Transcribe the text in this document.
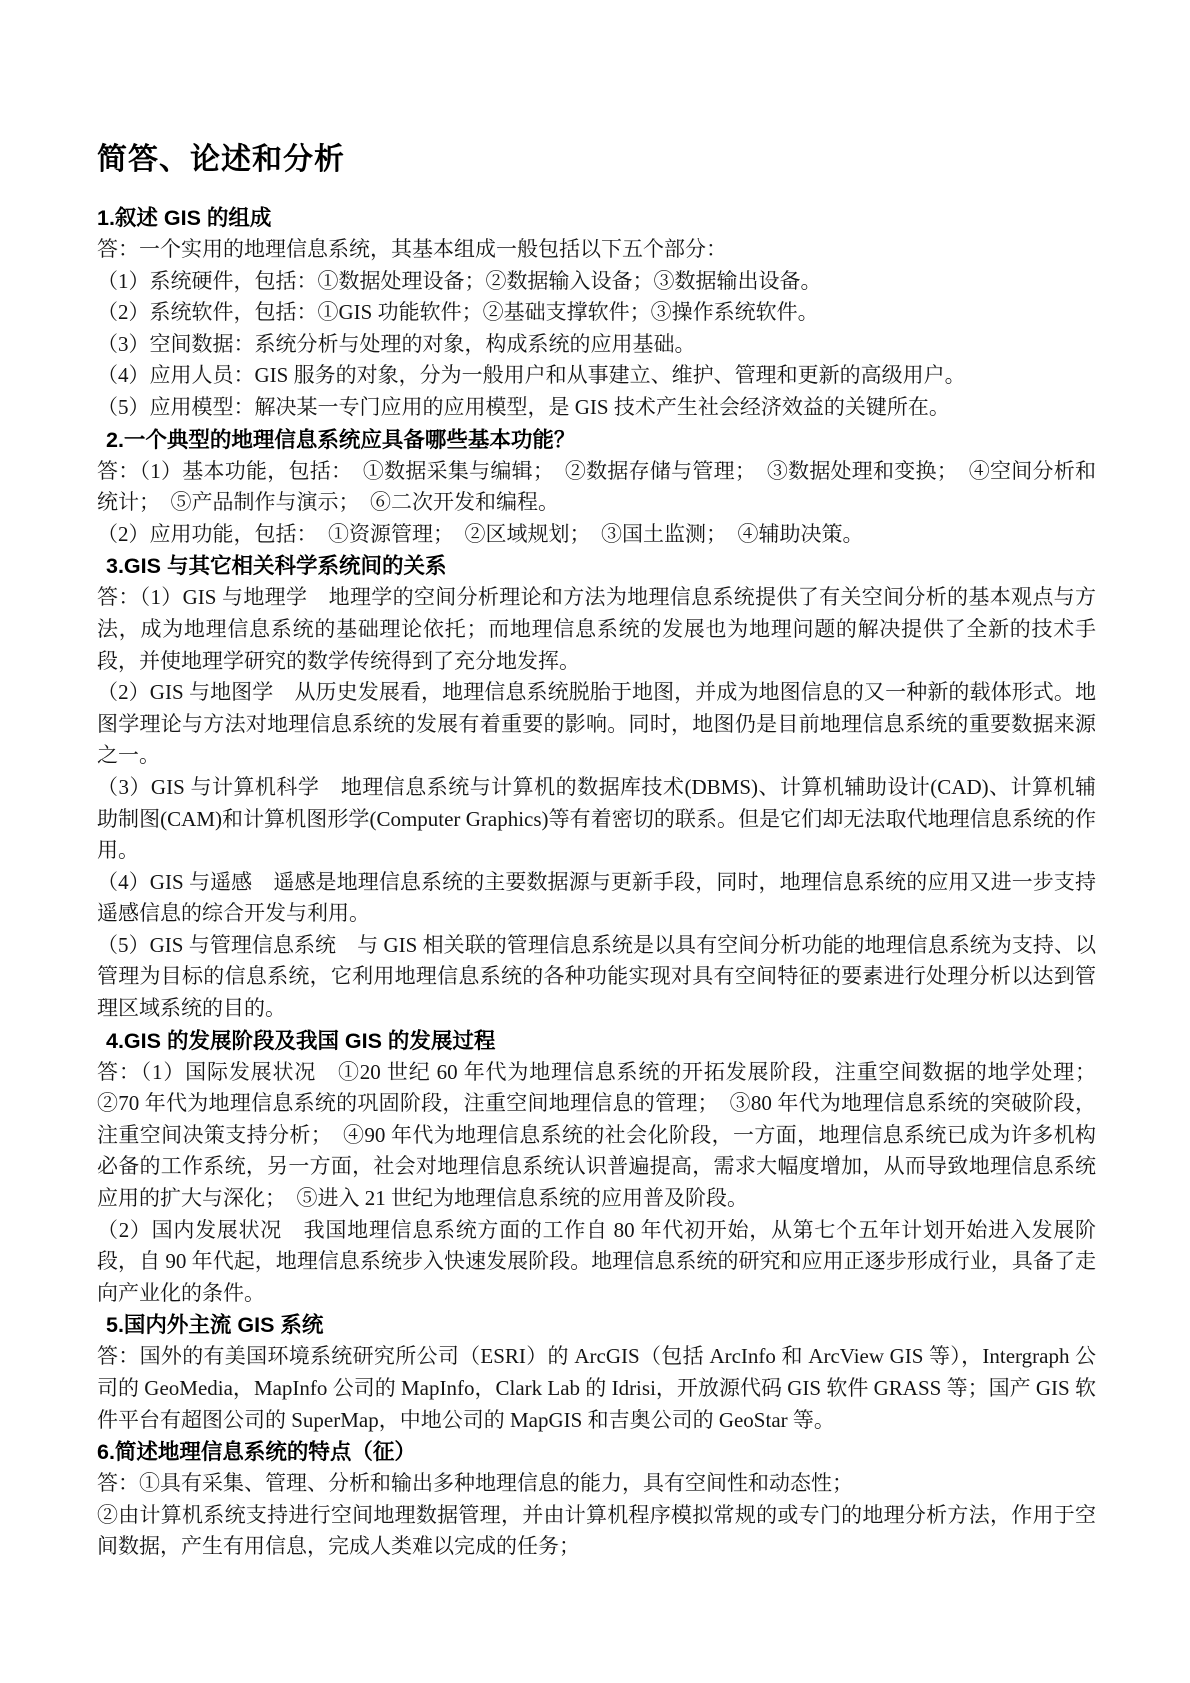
简答、论述和分析

1.叙述 GIS 的组成

答：一个实用的地理信息系统，其基本组成一般包括以下五个部分：

（1）系统硬件，包括：①数据处理设备；②数据输入设备；③数据输出设备。

（2）系统软件，包括：①GIS 功能软件；②基础支撑软件；③操作系统软件。

（3）空间数据：系统分析与处理的对象，构成系统的应用基础。

（4）应用人员：GIS 服务的对象，分为一般用户和从事建立、维护、管理和更新的高级用户。

（5）应用模型：解决某一专门应用的应用模型，是 GIS 技术产生社会经济效益的关键所在。

2.一个典型的地理信息系统应具备哪些基本功能？

答：（1）基本功能，包括：　①数据采集与编辑；　②数据存储与管理；　③数据处理和变换；　④空间分析和统计；　⑤产品制作与演示；　⑥二次开发和编程。

（2）应用功能，包括：　①资源管理；　②区域规划；　③国土监测；　④辅助决策。

3.GIS 与其它相关科学系统间的关系

答：（1）GIS 与地理学　地理学的空间分析理论和方法为地理信息系统提供了有关空间分析的基本观点与方法，成为地理信息系统的基础理论依托；而地理信息系统的发展也为地理问题的解决提供了全新的技术手段，并使地理学研究的数学传统得到了充分地发挥。

（2）GIS 与地图学　从历史发展看，地理信息系统脱胎于地图，并成为地图信息的又一种新的载体形式。地图学理论与方法对地理信息系统的发展有着重要的影响。同时，地图仍是目前地理信息系统的重要数据来源之一。

（3）GIS 与计算机科学　地理信息系统与计算机的数据库技术(DBMS)、计算机辅助设计(CAD)、计算机辅助制图(CAM)和计算机图形学(Computer Graphics)等有着密切的联系。但是它们却无法取代地理信息系统的作用。

（4）GIS 与遥感　遥感是地理信息系统的主要数据源与更新手段，同时，地理信息系统的应用又进一步支持遥感信息的综合开发与利用。

（5）GIS 与管理信息系统　与 GIS 相关联的管理信息系统是以具有空间分析功能的地理信息系统为支持、以管理为目标的信息系统，它利用地理信息系统的各种功能实现对具有空间特征的要素进行处理分析以达到管理区域系统的目的。

4.GIS 的发展阶段及我国 GIS 的发展过程

答：（1）国际发展状况　①20 世纪 60 年代为地理信息系统的开拓发展阶段，注重空间数据的地学处理；②70 年代为地理信息系统的巩固阶段，注重空间地理信息的管理；　③80 年代为地理信息系统的突破阶段，注重空间决策支持分析；　④90 年代为地理信息系统的社会化阶段，一方面，地理信息系统已成为许多机构必备的工作系统，另一方面，社会对地理信息系统认识普遍提高，需求大幅度增加，从而导致地理信息系统应用的扩大与深化；　⑤进入 21 世纪为地理信息系统的应用普及阶段。

（2）国内发展状况　我国地理信息系统方面的工作自 80 年代初开始，从第七个五年计划开始进入发展阶段，自 90 年代起，地理信息系统步入快速发展阶段。地理信息系统的研究和应用正逐步形成行业，具备了走向产业化的条件。

5.国内外主流 GIS 系统

答：国外的有美国环境系统研究所公司（ESRI）的 ArcGIS（包括 ArcInfo 和 ArcView GIS 等），Intergraph 公司的 GeoMedia，MapInfo 公司的 MapInfo，Clark Lab 的 Idrisi，开放源代码 GIS 软件 GRASS 等；国产 GIS 软件平台有超图公司的 SuperMap，中地公司的 MapGIS 和吉奥公司的 GeoStar 等。

6.简述地理信息系统的特点（征）

答：①具有采集、管理、分析和输出多种地理信息的能力，具有空间性和动态性；

②由计算机系统支持进行空间地理数据管理，并由计算机程序模拟常规的或专门的地理分析方法，作用于空间数据，产生有用信息，完成人类难以完成的任务；
